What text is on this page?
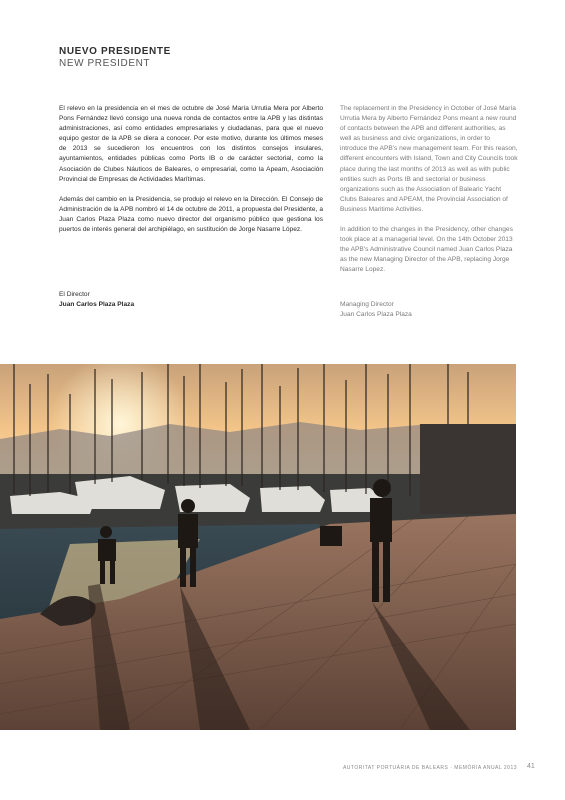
NUEVO PRESIDENTE
NEW PRESIDENT

El relevo en la presidencia en el mes de octubre de José María Urrutia Mera por Alberto Pons Fernández llevó consigo una nueva ronda de contactos entre la APB y las distintas administraciones, así como entidades empresariales y ciudadanas, para que el nuevo equipo gestor de la APB se diera a conocer. Por este motivo, durante los últimos meses de 2013 se sucedieron los encuentros con los distintos consejos insulares, ayuntamientos, entidades públicas como Ports IB o de carácter sectorial, como la Asociación de Clubes Náuticos de Baleares, o empresarial, como la Apeam, Asociación Provincial de Empresas de Actividades Marítimas.

Además del cambio en la Presidencia, se produjo el relevo en la Dirección. El Consejo de Administración de la APB nombró el 14 de octubre de 2011, a propuesta del Presidente, a Juan Carlos Plaza Plaza como nuevo director del organismo público que gestiona los puertos de interés general del archipiélago, en sustitución de Jorge Nasarre López.

The replacement in the Presidency in October of José María Urrutia Mera by Alberto Fernández Pons meant a new round of contacts between the APB and different authorities, as well as business and civic organizations, in order to introduce the APB's new management team. For this reason, different encounters with Island, Town and City Councils took place during the last months of 2013 as well as with public entities such as Ports IB and sectorial or business organizations such as the Association of Balearic Yacht Clubs Baleares and APEAM, the Provincial Association of Business Maritime Activities.

In addition to the changes in the Presidency, other changes took place at a managerial level. On the 14th October 2013 the APB's Administrative Council named Juan Carlos Plaza as the new Managing Director of the APB, replacing Jorge Nasarre Lopez.

El Director
Juan Carlos Plaza Plaza	Managing Director
Juan Carlos Plaza Plaza
AUTORITAT PORTUÀRIA DE BALEARS · MEMÒRIA ANUAL 2013 41
